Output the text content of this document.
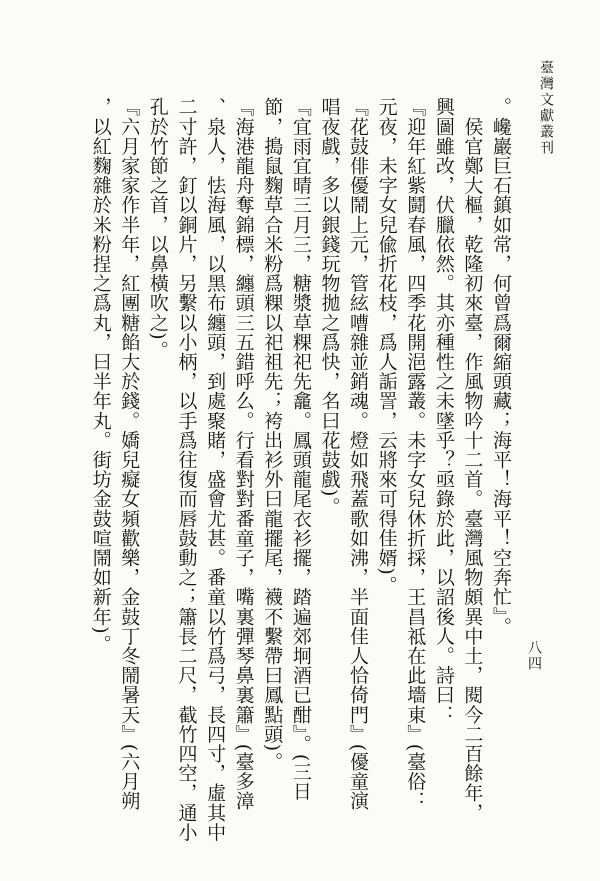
臺灣文獻叢刊
八四
。巉巖巨石鎮如常，何曾爲爾縮頭藏；海平！海平！空奔忙』。
　侯官鄭大樞，乾隆初來臺，作風物吟十二首。臺灣風物頗異中土，閱今二百餘年，
興圖雖改，伏臘依然。其亦種性之未墜乎？亟錄於此，以詔後人。詩曰：
『迎年紅紫鬪春風，四季花開浥露叢。未字女兒休折採，王昌祗在此墻東』(臺俗：
元夜，未字女兒偸折花枝，爲人詬詈，云將來可得佳婿)。
『花鼓俳優鬧上元，管絃嘈雜並銷魂。燈如飛蓋歌如沸，半面佳人恰倚門』(優童演
唱夜戲，多以銀錢玩物拋之爲快，名曰花鼓戲)。
『宜雨宜晴三月三，糖漿草粿祀先龕。鳳頭龍尾衣衫擺，踏遍郊坰酒已酣』。(三日
節，搗鼠麴草合米粉爲粿以祀祖先；袴出衫外曰龍擺尾，襪不繫帶曰鳳點頭)。
『海港龍舟奪錦標，纏頭三五錯呼么。行看對對番童子，嘴裏彈琴鼻裏簫』(臺多漳
、泉人，怯海風，以黑布纏頭，到處聚賭，盛會尤甚。番童以竹爲弓，長四寸，虛其中
二寸許，釘以銅片，另繫以小柄，以手爲往復而唇鼓動之；簫長二尺，截竹四空，通小
孔於竹節之首，以鼻橫吹之)。
『六月家家作半年，紅團糖餡大於錢。嬌兒癡女頻歡樂，金鼓丁冬鬧暑天』(六月朔
，以紅麴雜於米粉挰之爲丸，曰半年丸。街坊金鼓喧鬧如新年)。
